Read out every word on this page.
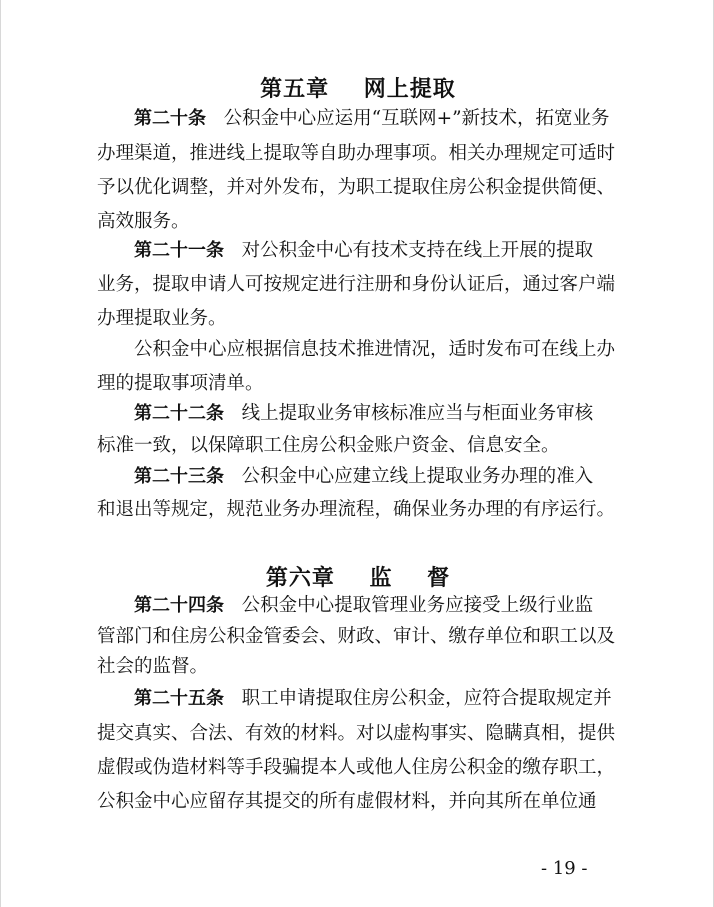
第五章    网上提取
第二十条   公积金中心应运用“互联网+”新技术，拓宽业务
办理渠道，推进线上提取等自助办理事项。相关办理规定可适时
予以优化调整，并对外发布，为职工提取住房公积金提供简便、
高效服务。
第二十一条   对公积金中心有技术支持在线上开展的提取
业务，提取申请人可按规定进行注册和身份认证后，通过客户端
办理提取业务。
公积金中心应根据信息技术推进情况，适时发布可在线上办
理的提取事项清单。
第二十二条   线上提取业务审核标准应当与柜面业务审核
标准一致，以保障职工住房公积金账户资金、信息安全。
第二十三条   公积金中心应建立线上提取业务办理的准入
和退出等规定，规范业务办理流程，确保业务办理的有序运行。
第六章    监    督
第二十四条   公积金中心提取管理业务应接受上级行业监
管部门和住房公积金管委会、财政、审计、缴存单位和职工以及
社会的监督。
第二十五条   职工申请提取住房公积金，应符合提取规定并
提交真实、合法、有效的材料。对以虚构事实、隐瞒真相，提供
虚假或伪造材料等手段骗提本人或他人住房公积金的缴存职工，
公积金中心应留存其提交的所有虚假材料，并向其所在单位通
- 19 -
